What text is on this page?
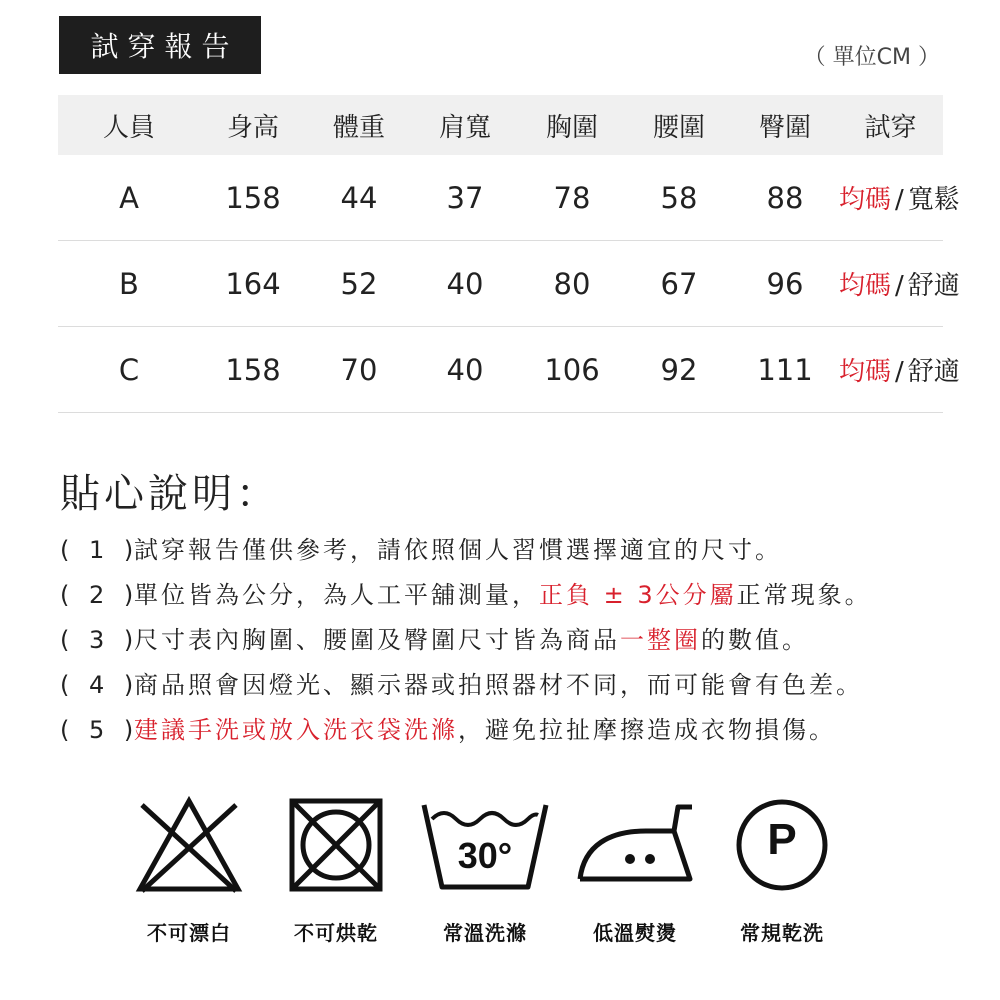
試穿報告	（ 單位CM ）
人員	身高	體重	肩寬	胸圍	腰圍	臀圍	試穿
A	158	44	37	78	58	88	均碼 / 寬鬆
B	164	52	40	80	67	96	均碼 / 舒適
C	158	70	40	106	92	111	均碼 / 舒適
貼心說明：
( 1 )
試穿報告僅供參考，請依照個人習慣選擇適宜的尺寸。
( 2 )
單位皆為公分，為人工平舖測量，正負 ± 3公分屬正常現象。
( 3 )
尺寸表內胸圍、腰圍及臀圍尺寸皆為商品一整圈的數值。
( 4 )
商品照會因燈光、顯示器或拍照器材不同，而可能會有色差。
( 5 )
建議手洗或放入洗衣袋洗滌，避免拉扯摩擦造成衣物損傷。
不可漂白	不可烘乾
30°
常溫洗滌	低溫熨燙
P
常規乾洗
